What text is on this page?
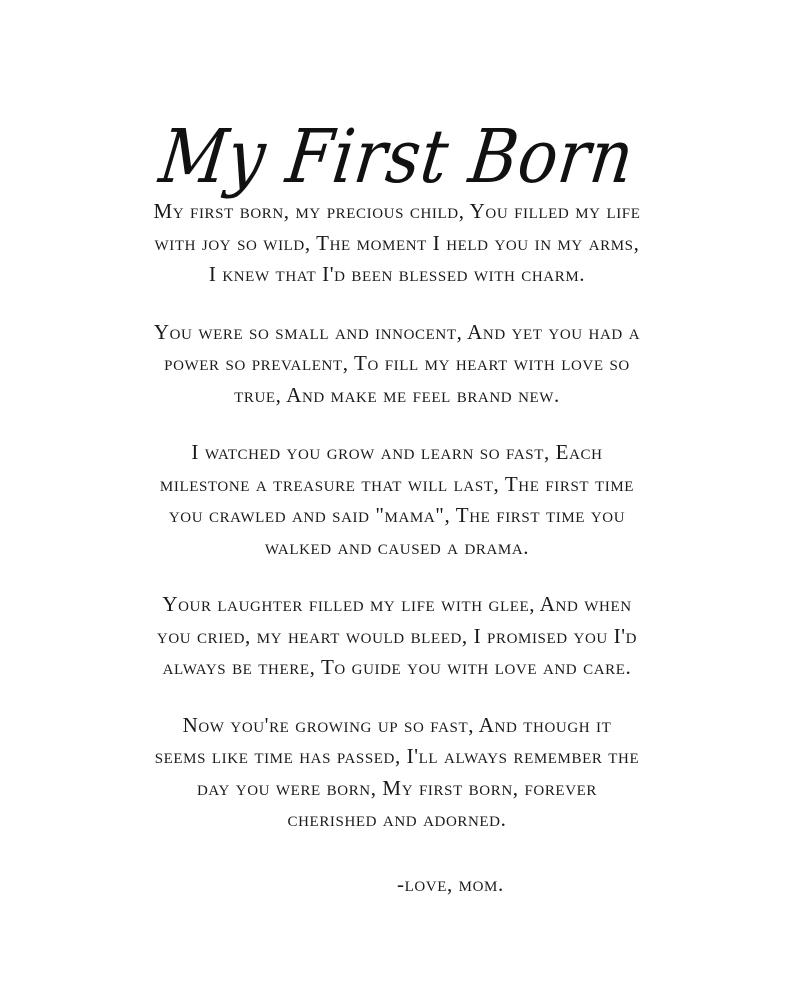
My First Born
My first born, my precious child, You filled my life
with joy so wild, The moment I held you in my arms,
I knew that I'd been blessed with charm.
You were so small and innocent, And yet you had a
power so prevalent, To fill my heart with love so
true, And make me feel brand new.
I watched you grow and learn so fast, Each
milestone a treasure that will last, The first time
you crawled and said "mama", The first time you
walked and caused a drama.
Your laughter filled my life with glee, And when
you cried, my heart would bleed, I promised you I'd
always be there, To guide you with love and care.
Now you're growing up so fast, And though it
seems like time has passed, I'll always remember the
day you were born, My first born, forever
cherished and adorned.
-love, mom.
